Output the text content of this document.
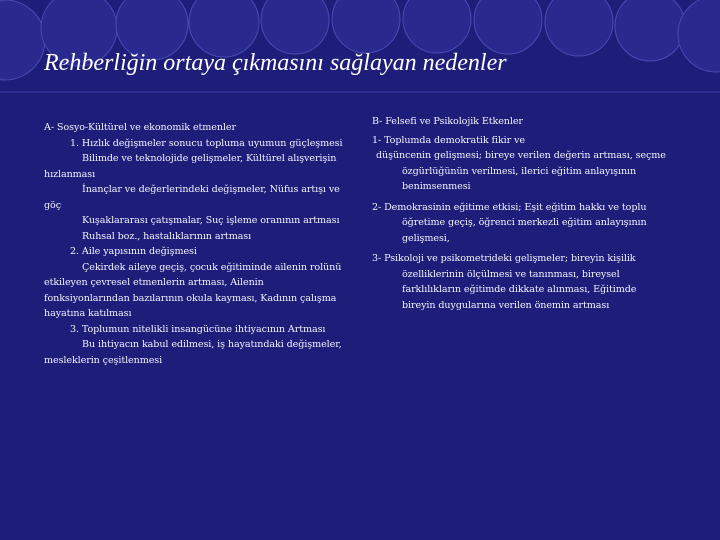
Rehberliğin ortaya çıkmasını sağlayan nedenler

A- Sosyo-Kültürel ve ekonomik etmenler

1. Hızlık değişmeler sonucu topluma uyumun güçleşmesi

Bilimde ve teknolojide gelişmeler, Kültürel alışverişin hızlanması

İnançlar ve değerlerindeki değişmeler, Nüfus artışı ve göç

Kuşaklararası çatışmalar, Suç işleme oranının artması

Ruhsal boz., hastalıklarının artması

2. Aile yapısının değişmesi

Çekirdek aileye geçiş, çocuk eğitiminde ailenin rolünü etkileyen çevresel etmenlerin artması, Ailenin fonksiyonlarından bazılarının okula kayması, Kadının çalışma hayatına katılması

3. Toplumun nitelikli insangücüne ihtiyacının Artması

Bu ihtiyacın kabul edilmesi, iş hayatındaki değişmeler, mesleklerin çeşitlenmesi

B- Felsefi ve Psikolojik Etkenler

1- Toplumda demokratik fikir ve

düşüncenin gelişmesi; bireye verilen değerin artması, seçme

özgürlüğünün verilmesi, ilerici eğitim anlayışının benimsenmesi

2- Demokrasinin eğitime etkisi; Eşit eğitim hakkı ve toplu

öğretime geçiş, öğrenci merkezli eğitim anlayışının gelişmesi,

3- Psikoloji ve psikometrideki gelişmeler; bireyin kişilik

özelliklerinin ölçülmesi ve tanınması, bireysel farklılıkların eğitimde dikkate alınması, Eğitimde bireyin duygularına verilen önemin artması
